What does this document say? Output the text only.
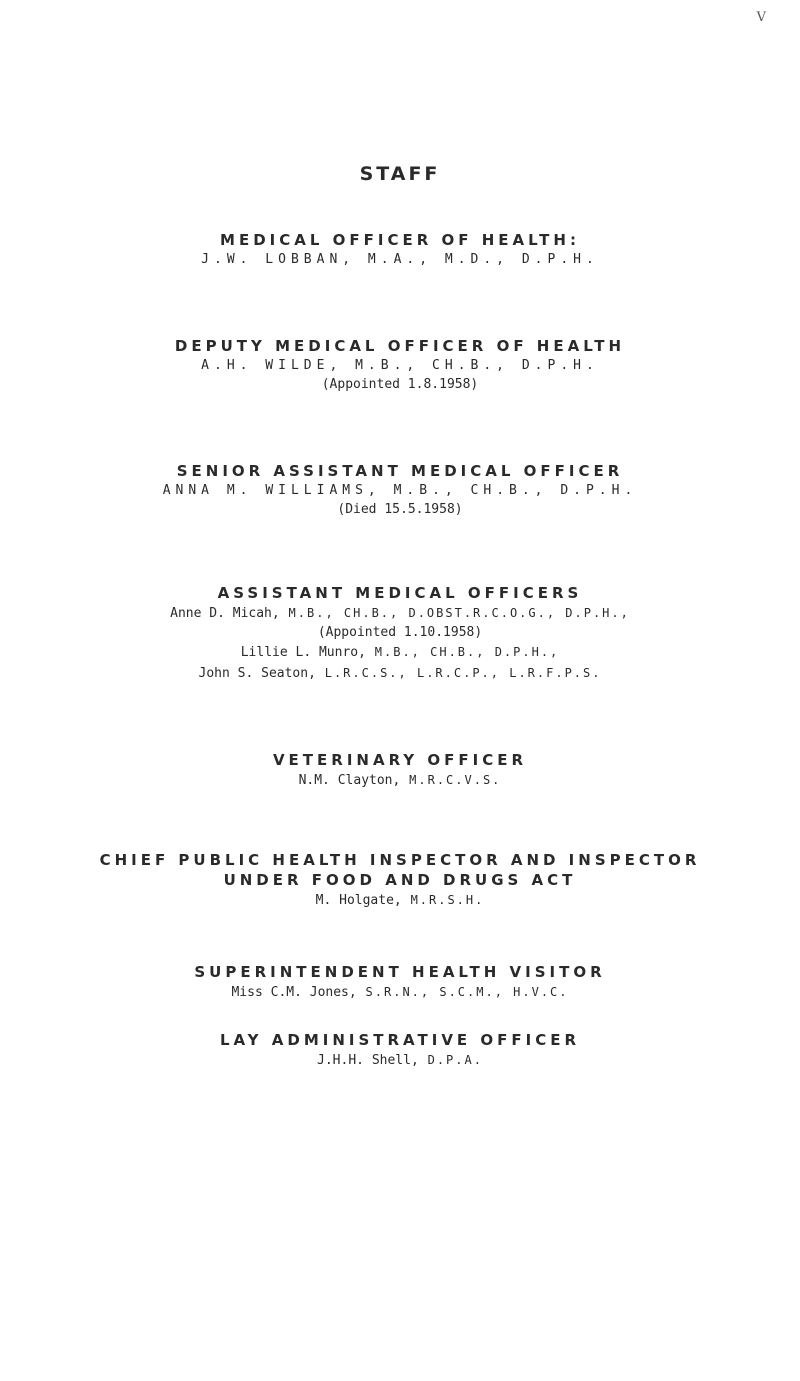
V
STAFF
MEDICAL OFFICER OF HEALTH:
J.W. LOBBAN, M.A., M.D., D.P.H.
DEPUTY MEDICAL OFFICER OF HEALTH
A.H. WILDE, M.B., CH.B., D.P.H.
(Appointed 1.8.1958)
SENIOR ASSISTANT MEDICAL OFFICER
ANNA M. WILLIAMS, M.B., CH.B., D.P.H.
(Died 15.5.1958)
ASSISTANT MEDICAL OFFICERS
Anne D. Micah, M.B., CH.B., D.OBST.R.C.O.G., D.P.H.,
(Appointed 1.10.1958)
Lillie L. Munro, M.B., CH.B., D.P.H.,
John S. Seaton, L.R.C.S., L.R.C.P., L.R.F.P.S.
VETERINARY OFFICER
N.M. Clayton, M.R.C.V.S.
CHIEF PUBLIC HEALTH INSPECTOR AND INSPECTOR
UNDER FOOD AND DRUGS ACT
M. Holgate, M.R.S.H.
SUPERINTENDENT HEALTH VISITOR
Miss C.M. Jones, S.R.N., S.C.M., H.V.C.
LAY ADMINISTRATIVE OFFICER
J.H.H. Shell, D.P.A.
